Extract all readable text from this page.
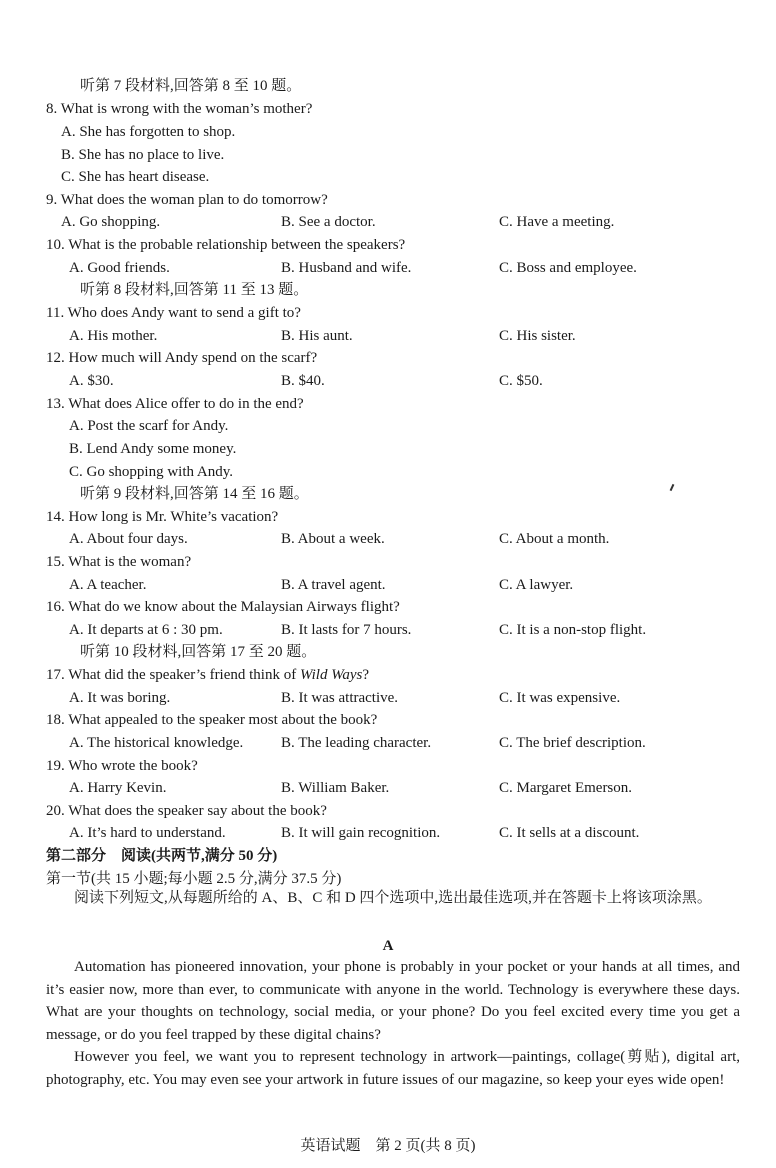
听第 7 段材料,回答第 8 至 10 题。
8. What is wrong with the woman’s mother?
A. She has forgotten to shop.
B. She has no place to live.
C. She has heart disease.
9. What does the woman plan to do tomorrow?
A. Go shopping.	B. See a doctor.	C. Have a meeting.
10. What is the probable relationship between the speakers?
A. Good friends.	B. Husband and wife.	C. Boss and employee.
听第 8 段材料,回答第 11 至 13 题。
11. Who does Andy want to send a gift to?
A. His mother.	B. His aunt.	C. His sister.
12. How much will Andy spend on the scarf?
A. $30.	B. $40.	C. $50.
13. What does Alice offer to do in the end?
A. Post the scarf for Andy.
B. Lend Andy some money.
C. Go shopping with Andy.
听第 9 段材料,回答第 14 至 16 题。
14. How long is Mr. White’s vacation?
A. About four days.	B. About a week.	C. About a month.
15. What is the woman?
A. A teacher.	B. A travel agent.	C. A lawyer.
16. What do we know about the Malaysian Airways flight?
A. It departs at 6 : 30 pm.	B. It lasts for 7 hours.	C. It is a non-stop flight.
听第 10 段材料,回答第 17 至 20 题。
17. What did the speaker’s friend think of Wild Ways?
A. It was boring.	B. It was attractive.	C. It was expensive.
18. What appealed to the speaker most about the book?
A. The historical knowledge.	B. The leading character.	C. The brief description.
19. Who wrote the book?
A. Harry Kevin.	B. William Baker.	C. Margaret Emerson.
20. What does the speaker say about the book?
A. It’s hard to understand.	B. It will gain recognition.	C. It sells at a discount.
第二部分　阅读(共两节,满分 50 分)
第一节(共 15 小题;每小题 2.5 分,满分 37.5 分)
阅读下列短文,从每题所给的 A、B、C 和 D 四个选项中,选出最佳选项,并在答题卡上将该项涂黑。
A
Automation has pioneered innovation, your phone is probably in your pocket or your hands at all times, and it’s easier now, more than ever, to communicate with anyone in the world. Technology is everywhere these days. What are your thoughts on technology, social media, or your phone? Do you feel excited every time you get a message, or do you feel trapped by these digital chains?
However you feel, we want you to represent technology in artwork—paintings, collage(剪贴), digital art, photography, etc. You may even see your artwork in future issues of our magazine, so keep your eyes wide open!
英语试题　第 2 页(共 8 页)
